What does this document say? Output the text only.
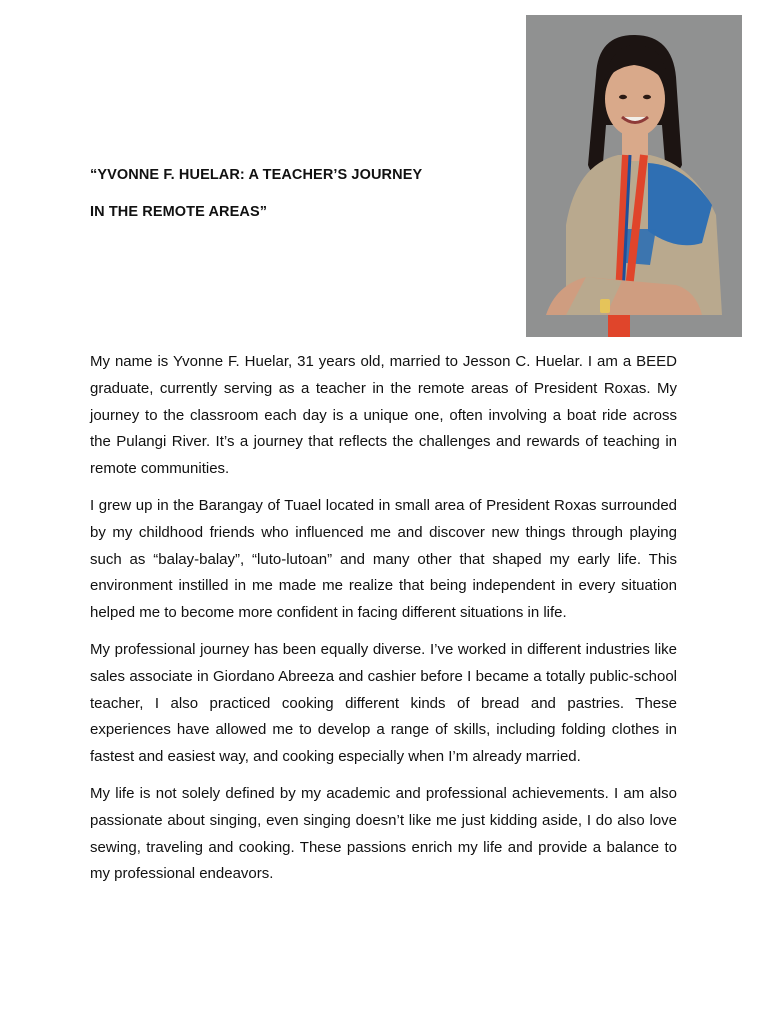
“YVONNE F. HUELAR: A TEACHER’S JOURNEY

IN THE REMOTE AREAS”

My name is Yvonne F. Huelar, 31 years old, married to Jesson C. Huelar. I am a BEED graduate, currently serving as a teacher in the remote areas of President Roxas. My journey to the classroom each day is a unique one, often involving a boat ride across the Pulangi River. It’s a journey that reflects the challenges and rewards of teaching in remote communities.

I grew up in the Barangay of Tuael located in small area of President Roxas surrounded by my childhood friends who influenced me and discover new things through playing such as “balay-balay”, “luto-lutoan” and many other that shaped my early life. This environment instilled in me made me realize that being independent in every situation helped me to become more confident in facing different situations in life.

My professional journey has been equally diverse. I’ve worked in different industries like sales associate in Giordano Abreeza and cashier before I became a totally public-school teacher, I also practiced cooking different kinds of bread and pastries. These experiences have allowed me to develop a range of skills, including folding clothes in fastest and easiest way, and cooking especially when I’m already married.

My life is not solely defined by my academic and professional achievements. I am also passionate about singing, even singing doesn’t like me just kidding aside, I do also love sewing, traveling and cooking. These passions enrich my life and provide a balance to my professional endeavors.
